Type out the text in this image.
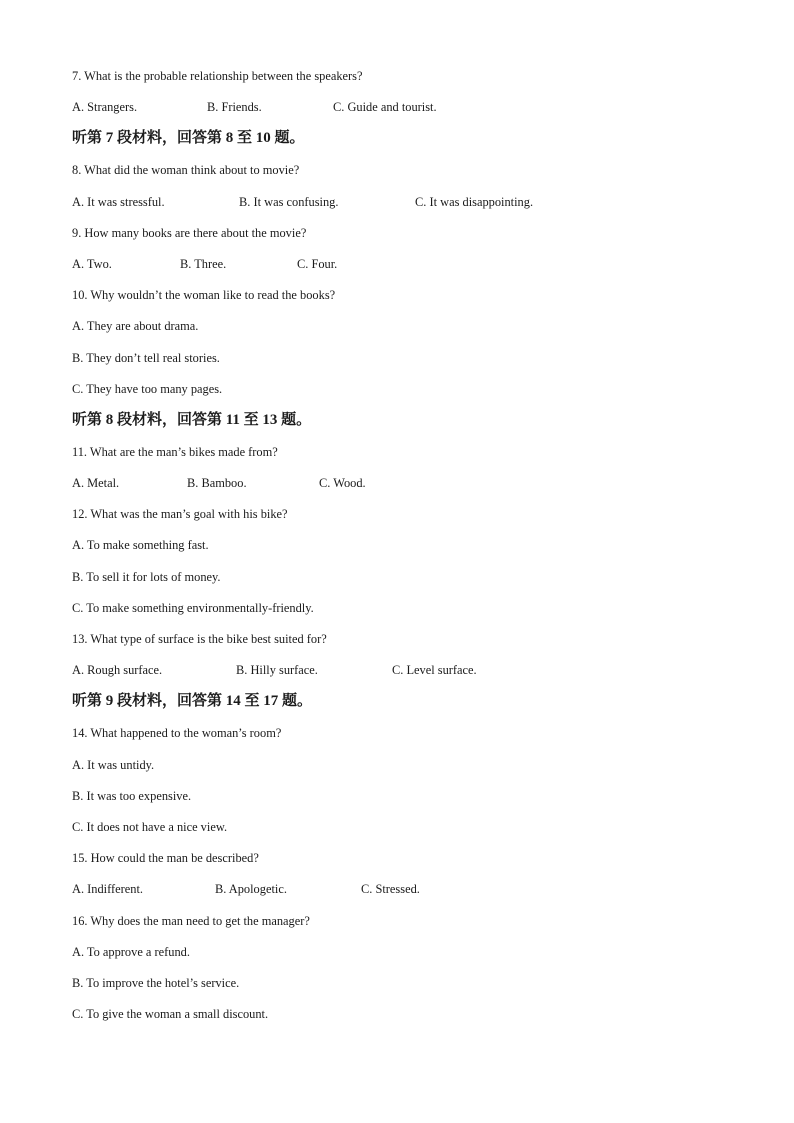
7. What is the probable relationship between the speakers?
A. Strangers.	B. Friends.	C. Guide and tourist.
听第 7 段材料，回答第 8 至 10 题。
8. What did the woman think about to movie?
A. It was stressful.	B. It was confusing.	C. It was disappointing.
9. How many books are there about the movie?
A. Two.	B. Three.	C. Four.
10. Why wouldn’t the woman like to read the books?
A. They are about drama.
B. They don’t tell real stories.
C. They have too many pages.
听第 8 段材料，回答第 11 至 13 题。
11. What are the man’s bikes made from?
A. Metal.	B. Bamboo.	C. Wood.
12. What was the man’s goal with his bike?
A. To make something fast.
B. To sell it for lots of money.
C. To make something environmentally-friendly.
13. What type of surface is the bike best suited for?
A. Rough surface.	B. Hilly surface.	C. Level surface.
听第 9 段材料，回答第 14 至 17 题。
14. What happened to the woman’s room?
A. It was untidy.
B. It was too expensive.
C. It does not have a nice view.
15. How could the man be described?
A. Indifferent.	B. Apologetic.	C. Stressed.
16. Why does the man need to get the manager?
A. To approve a refund.
B. To improve the hotel’s service.
C. To give the woman a small discount.
